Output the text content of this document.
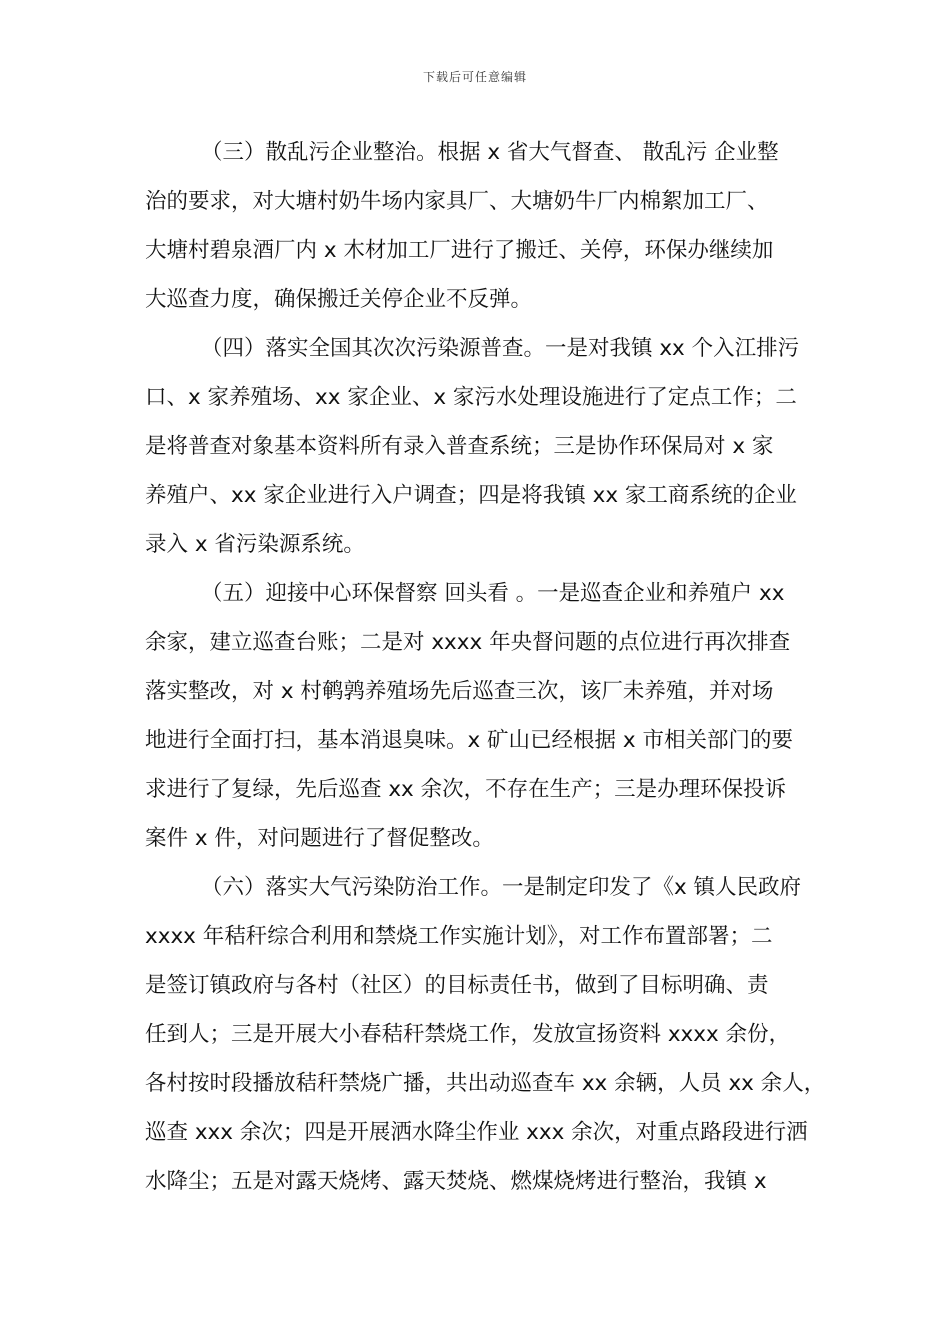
下载后可任意编辑
（三）散乱污企业整治。根据 x 省大气督查、 散乱污 企业整
治的要求，对大塘村奶牛场内家具厂、大塘奶牛厂内棉絮加工厂、
大塘村碧泉酒厂内 x 木材加工厂进行了搬迁、关停，环保办继续加
大巡查力度，确保搬迁关停企业不反弹。
（四）落实全国其次次污染源普查。一是对我镇 xx 个入江排污
口、x 家养殖场、xx 家企业、x 家污水处理设施进行了定点工作；二
是将普查对象基本资料所有录入普查系统；三是协作环保局对 x 家
养殖户、xx 家企业进行入户调查；四是将我镇 xx 家工商系统的企业
录入 x 省污染源系统。
（五）迎接中心环保督察 回头看 。一是巡查企业和养殖户 xx
余家，建立巡查台账；二是对 xxxx 年央督问题的点位进行再次排查
落实整改，对 x 村鹌鹑养殖场先后巡查三次，该厂未养殖，并对场
地进行全面打扫，基本消退臭味。x 矿山已经根据 x 市相关部门的要
求进行了复绿，先后巡查 xx 余次，不存在生产；三是办理环保投诉
案件 x 件，对问题进行了督促整改。
（六）落实大气污染防治工作。一是制定印发了《x 镇人民政府
xxxx 年秸秆综合利用和禁烧工作实施计划》，对工作布置部署；二
是签订镇政府与各村（社区）的目标责任书，做到了目标明确、责
任到人；三是开展大小春秸秆禁烧工作，发放宣扬资料 xxxx 余份，
各村按时段播放秸秆禁烧广播，共出动巡查车 xx 余辆，人员 xx 余人，
巡查 xxx 余次；四是开展洒水降尘作业 xxx 余次，对重点路段进行洒
水降尘；五是对露天烧烤、露天焚烧、燃煤烧烤进行整治，我镇 x
